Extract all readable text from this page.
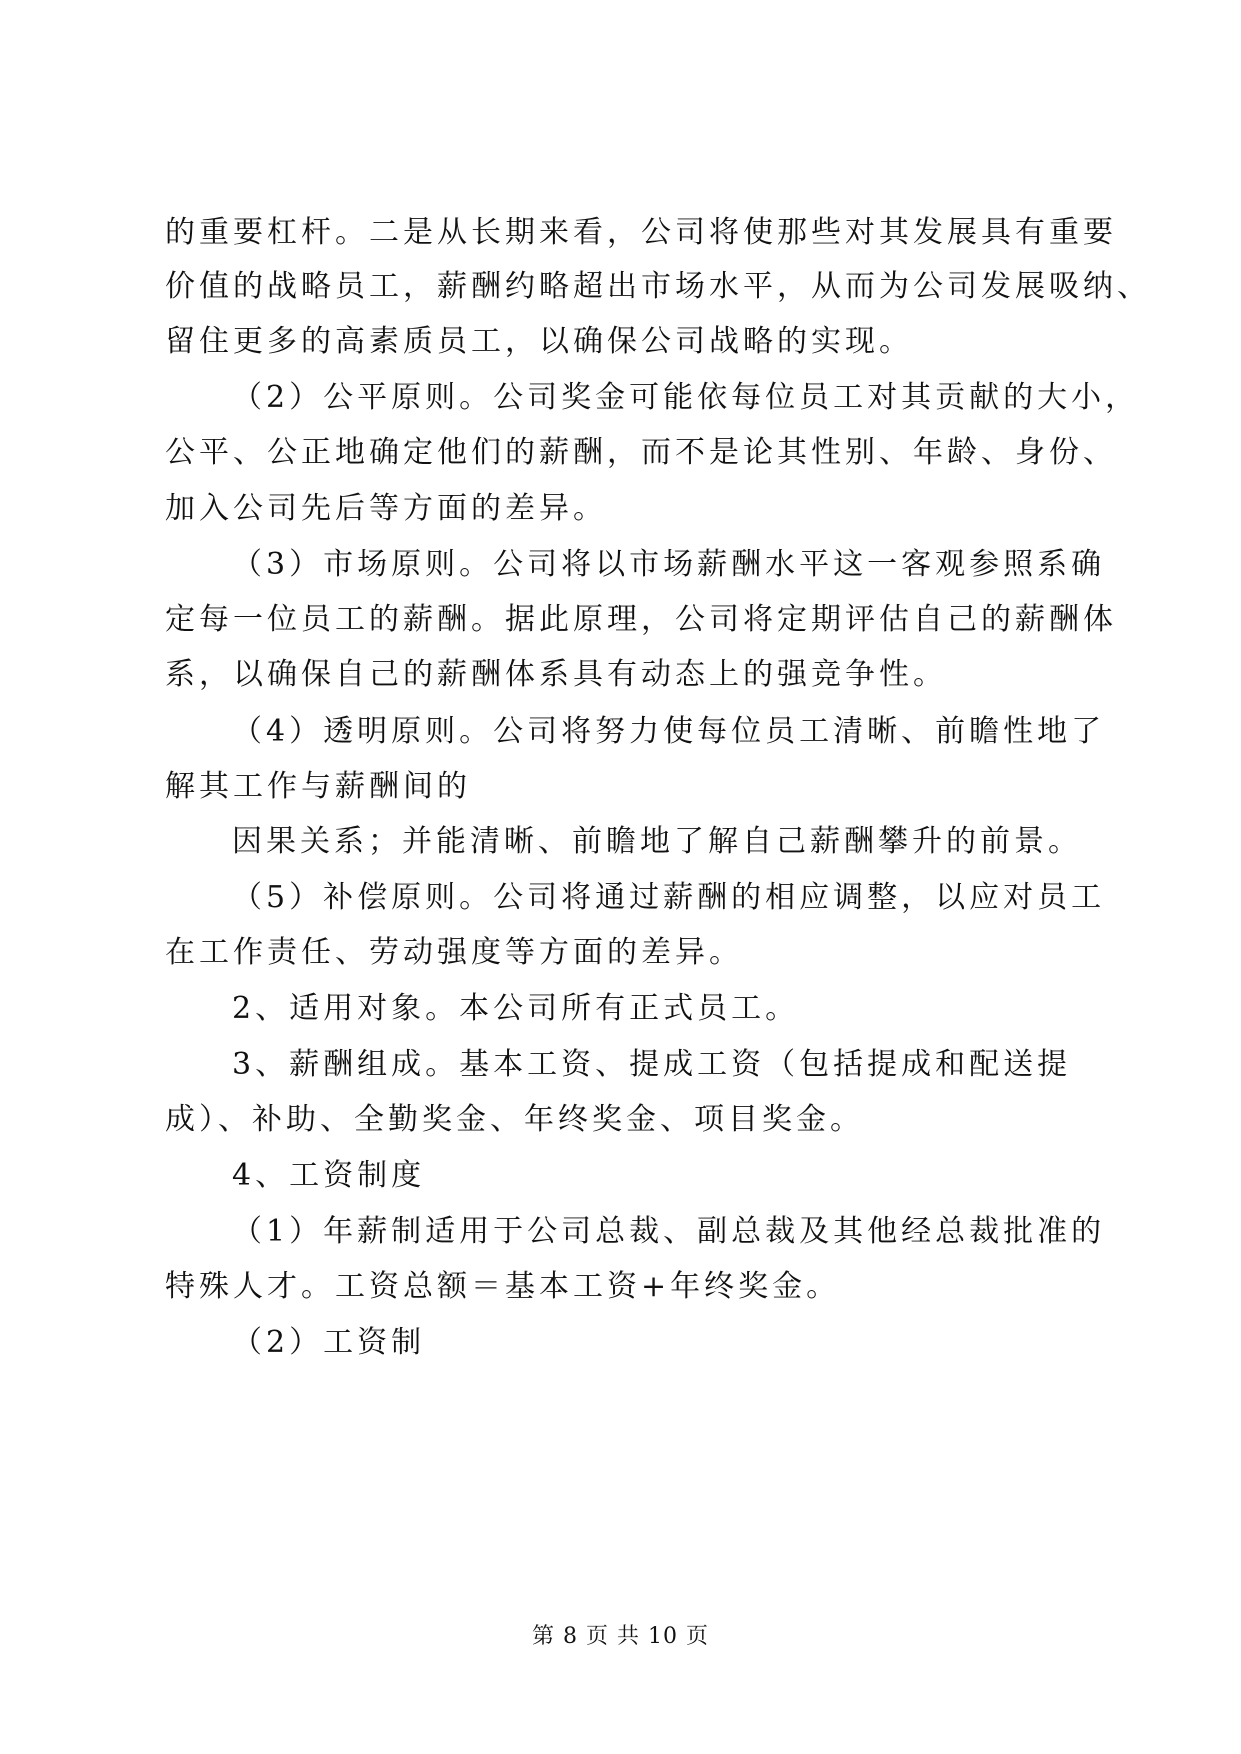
的重要杠杆。二是从长期来看，公司将使那些对其发展具有重要
价值的战略员工，薪酬约略超出市场水平，从而为公司发展吸纳、
留住更多的高素质员工，以确保公司战略的实现。
（2）公平原则。公司奖金可能依每位员工对其贡献的大小，
公平、公正地确定他们的薪酬，而不是论其性别、年龄、身份、
加入公司先后等方面的差异。
（3）市场原则。公司将以市场薪酬水平这一客观参照系确
定每一位员工的薪酬。据此原理，公司将定期评估自己的薪酬体
系，以确保自己的薪酬体系具有动态上的强竞争性。
（4）透明原则。公司将努力使每位员工清晰、前瞻性地了
解其工作与薪酬间的
因果关系；并能清晰、前瞻地了解自己薪酬攀升的前景。
（5）补偿原则。公司将通过薪酬的相应调整，以应对员工
在工作责任、劳动强度等方面的差异。
2、适用对象。本公司所有正式员工。
3、薪酬组成。基本工资、提成工资（包括提成和配送提
成）、补助、全勤奖金、年终奖金、项目奖金。
4、工资制度
（1）年薪制适用于公司总裁、副总裁及其他经总裁批准的
特殊人才。工资总额＝基本工资+年终奖金。
（2）工资制
第 8 页 共 10 页
